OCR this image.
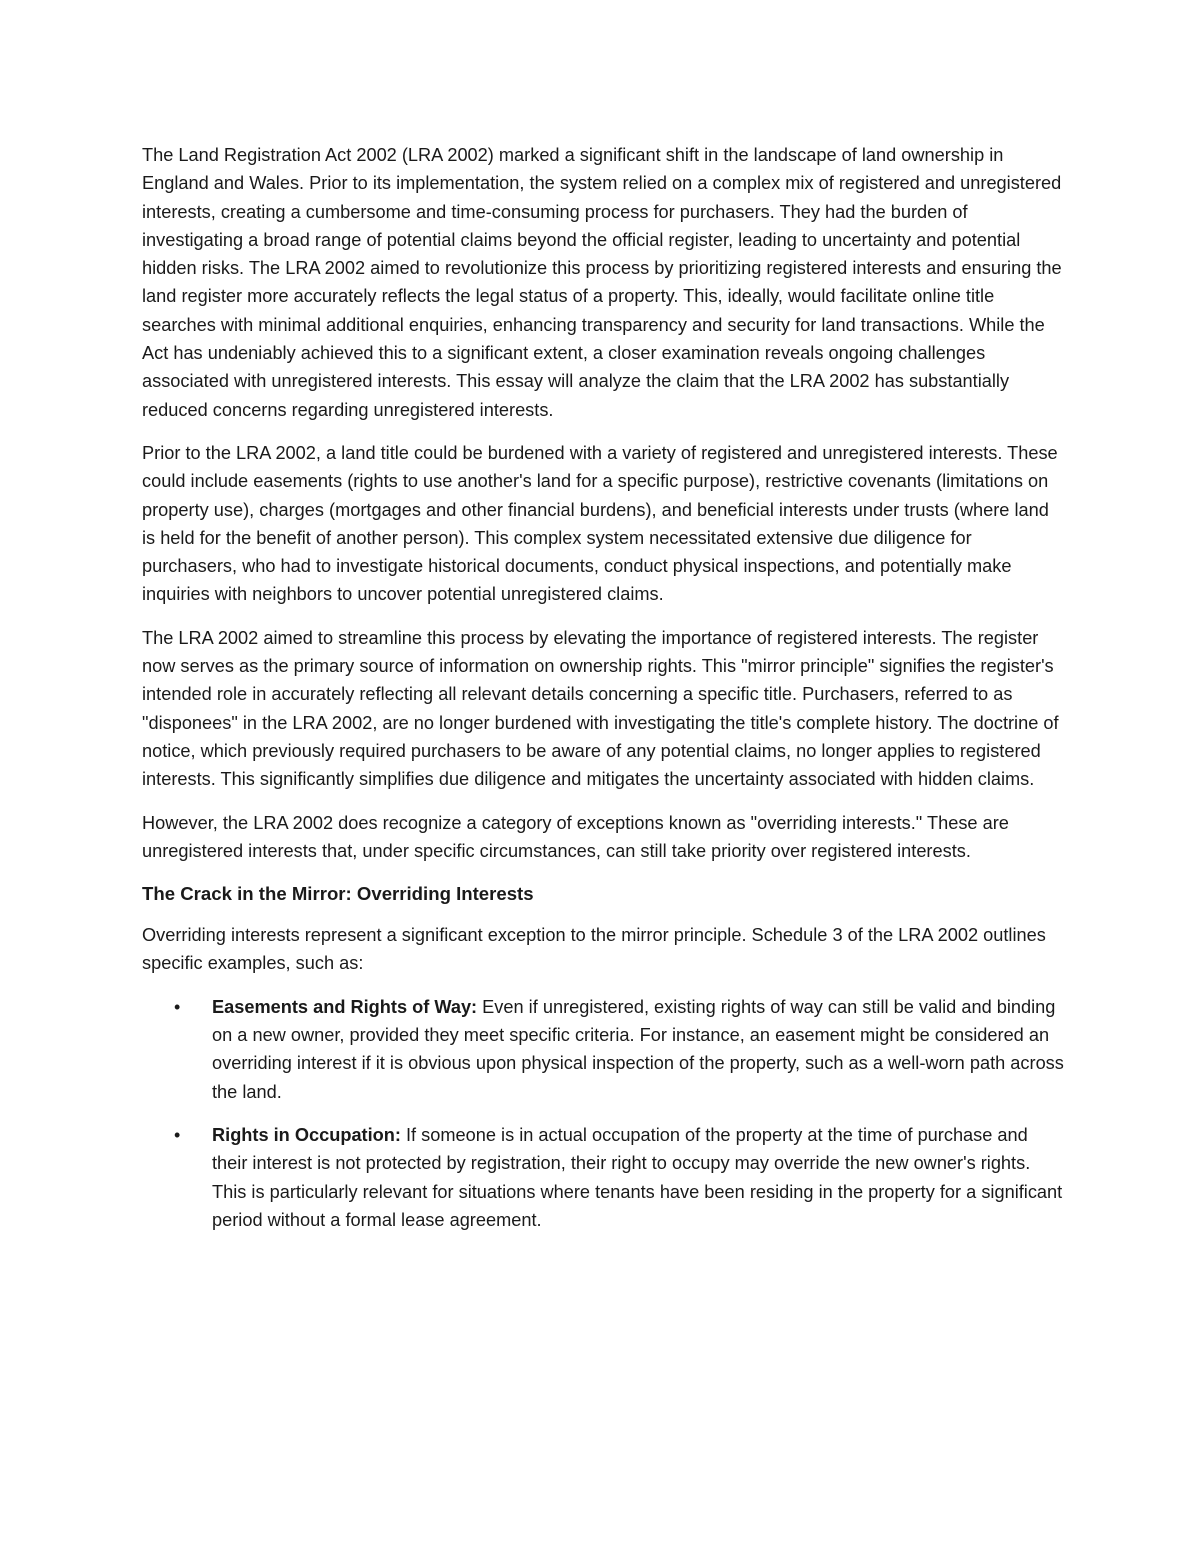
The Land Registration Act 2002 (LRA 2002) marked a significant shift in the landscape of land ownership in England and Wales. Prior to its implementation, the system relied on a complex mix of registered and unregistered interests, creating a cumbersome and time-consuming process for purchasers. They had the burden of investigating a broad range of potential claims beyond the official register, leading to uncertainty and potential hidden risks. The LRA 2002 aimed to revolutionize this process by prioritizing registered interests and ensuring the land register more accurately reflects the legal status of a property. This, ideally, would facilitate online title searches with minimal additional enquiries, enhancing transparency and security for land transactions. While the Act has undeniably achieved this to a significant extent, a closer examination reveals ongoing challenges associated with unregistered interests. This essay will analyze the claim that the LRA 2002 has substantially reduced concerns regarding unregistered interests.

Prior to the LRA 2002, a land title could be burdened with a variety of registered and unregistered interests. These could include easements (rights to use another's land for a specific purpose), restrictive covenants (limitations on property use), charges (mortgages and other financial burdens), and beneficial interests under trusts (where land is held for the benefit of another person). This complex system necessitated extensive due diligence for purchasers, who had to investigate historical documents, conduct physical inspections, and potentially make inquiries with neighbors to uncover potential unregistered claims.

The LRA 2002 aimed to streamline this process by elevating the importance of registered interests. The register now serves as the primary source of information on ownership rights. This "mirror principle" signifies the register's intended role in accurately reflecting all relevant details concerning a specific title. Purchasers, referred to as "disponees" in the LRA 2002, are no longer burdened with investigating the title's complete history. The doctrine of notice, which previously required purchasers to be aware of any potential claims, no longer applies to registered interests. This significantly simplifies due diligence and mitigates the uncertainty associated with hidden claims.

However, the LRA 2002 does recognize a category of exceptions known as "overriding interests." These are unregistered interests that, under specific circumstances, can still take priority over registered interests.

The Crack in the Mirror: Overriding Interests

Overriding interests represent a significant exception to the mirror principle. Schedule 3 of the LRA 2002 outlines specific examples, such as:

• Easements and Rights of Way: Even if unregistered, existing rights of way can still be valid and binding on a new owner, provided they meet specific criteria. For instance, an easement might be considered an overriding interest if it is obvious upon physical inspection of the property, such as a well-worn path across the land.
• Rights in Occupation: If someone is in actual occupation of the property at the time of purchase and their interest is not protected by registration, their right to occupy may override the new owner's rights. This is particularly relevant for situations where tenants have been residing in the property for a significant period without a formal lease agreement.
